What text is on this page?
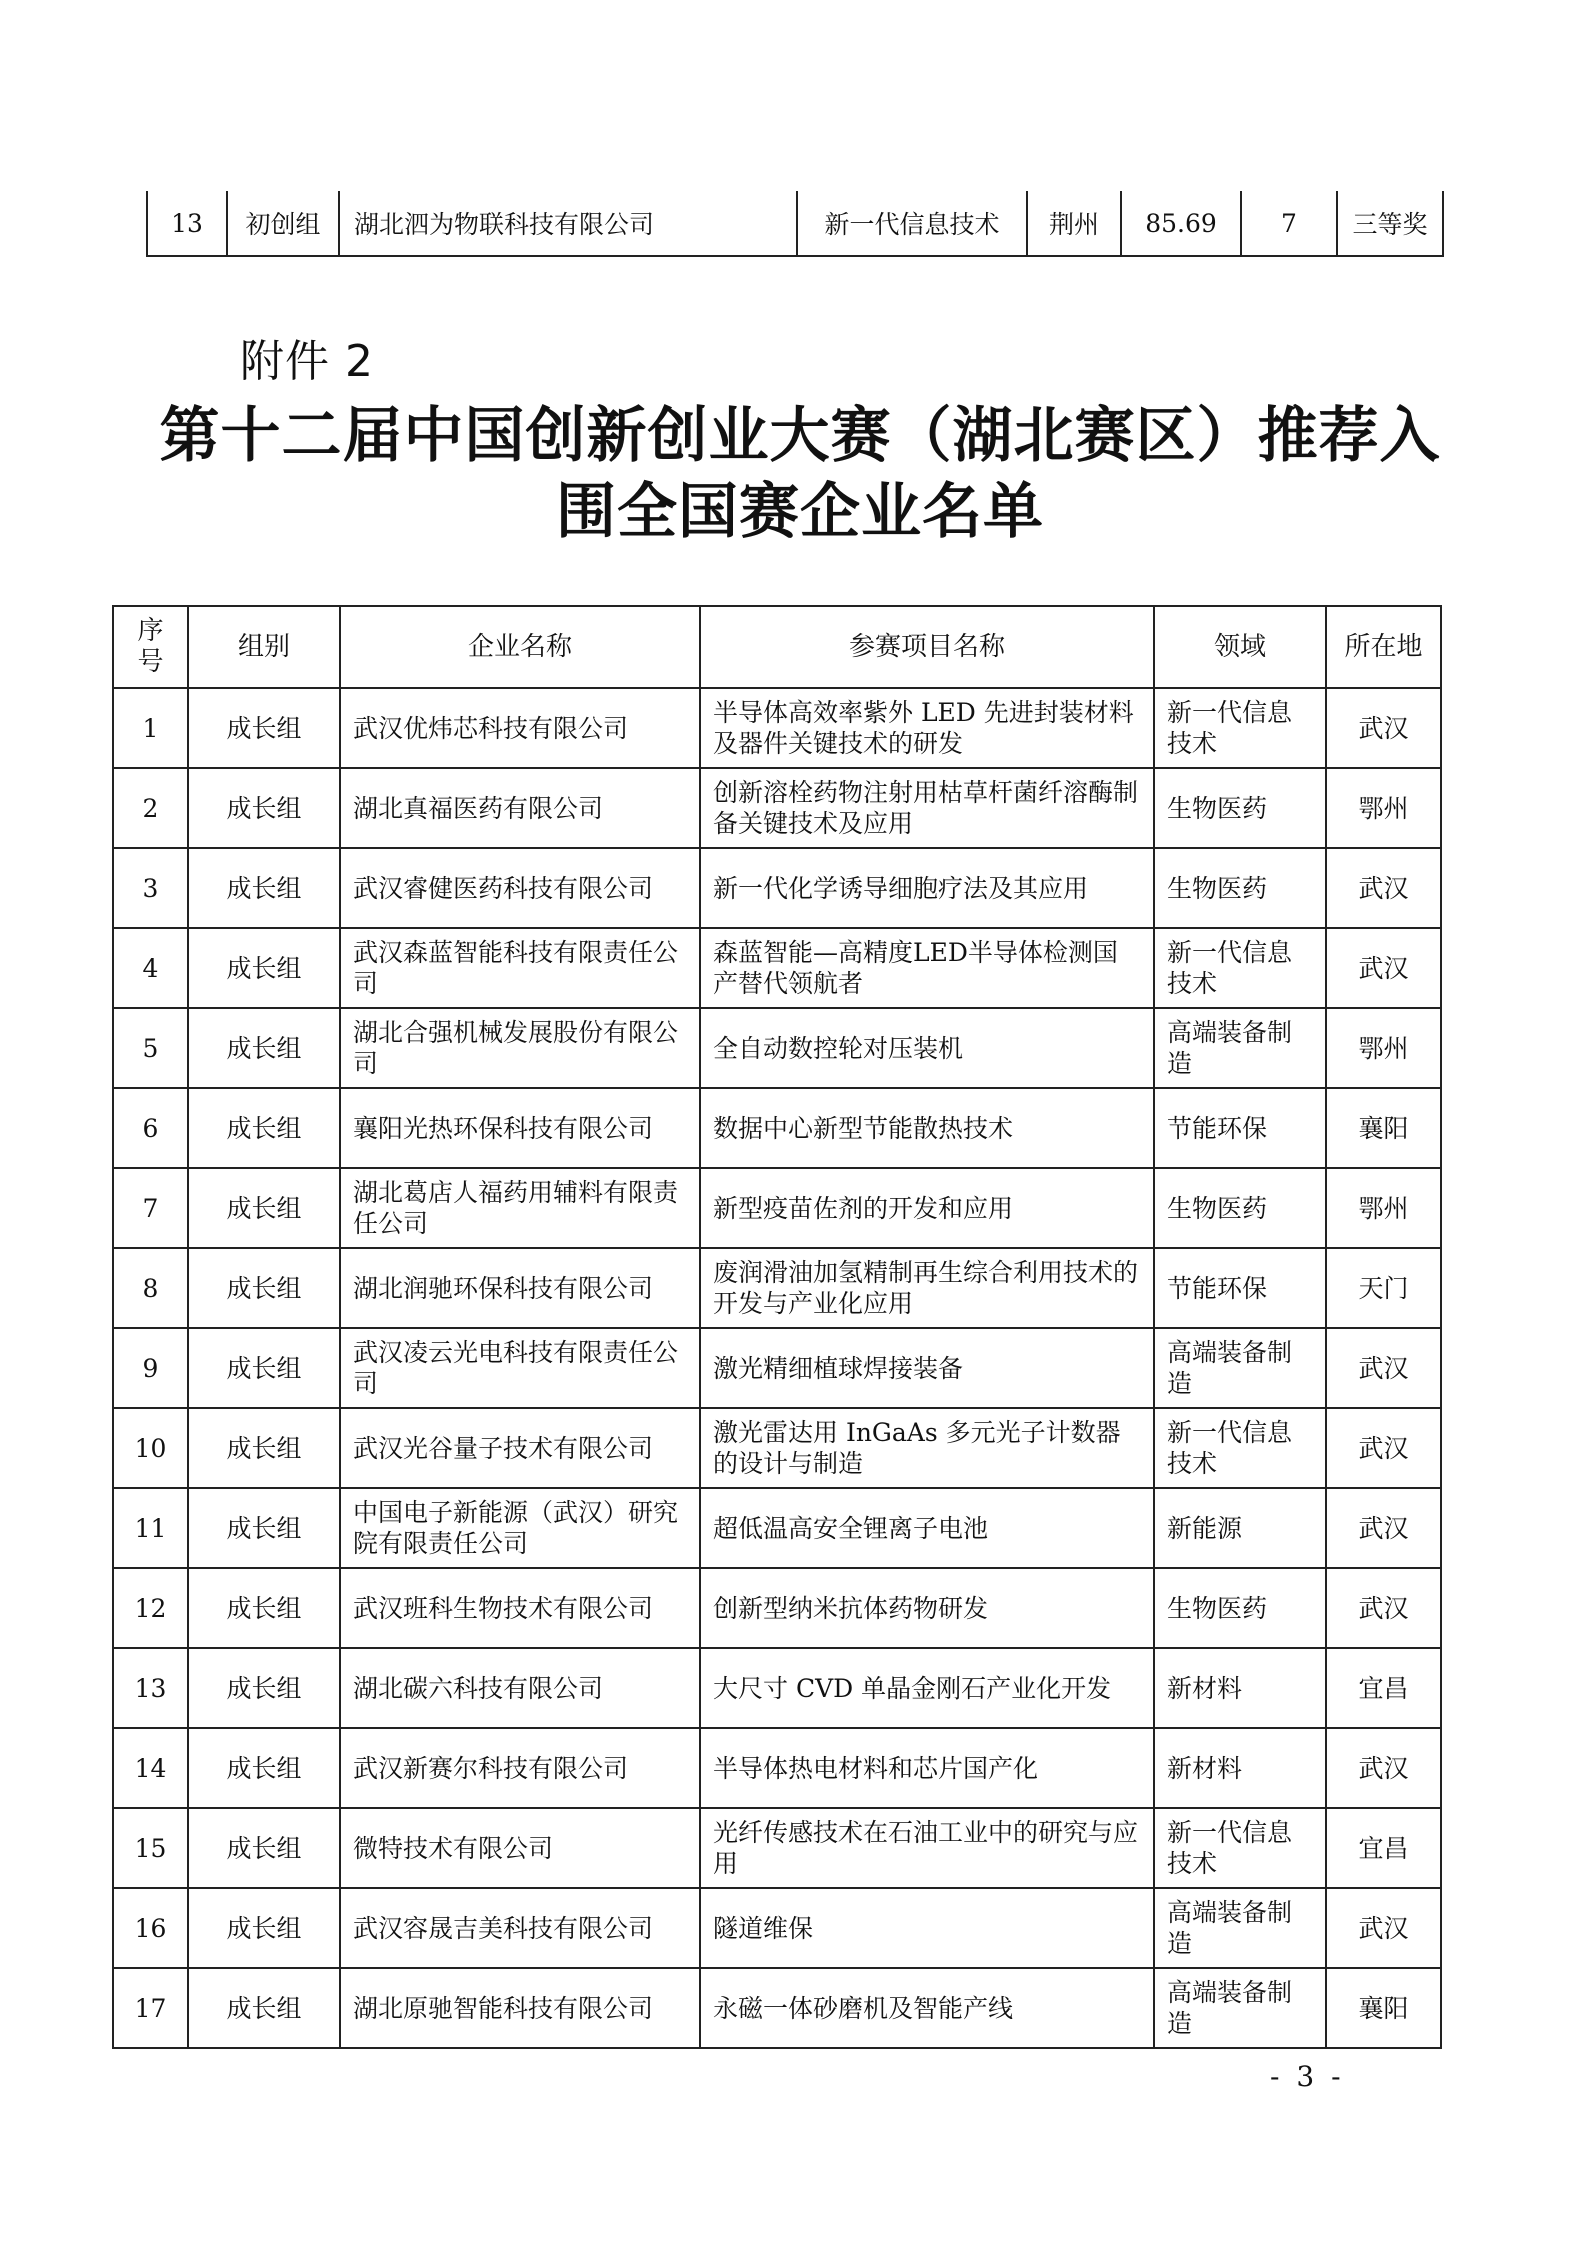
13	初创组	湖北泗为物联科技有限公司	新一代信息技术	荆州	85.69	7	三等奖
附件 2
第十二届中国创新创业大赛（湖北赛区）推荐入围全国赛企业名单
序号	组别	企业名称	参赛项目名称	领域	所在地
1	成长组	武汉优炜芯科技有限公司	半导体高效率紫外 LED 先进封装材料及器件关键技术的研发	新一代信息技术	武汉
2	成长组	湖北真福医药有限公司	创新溶栓药物注射用枯草杆菌纤溶酶制备关键技术及应用	生物医药	鄂州
3	成长组	武汉睿健医药科技有限公司	新一代化学诱导细胞疗法及其应用	生物医药	武汉
4	成长组	武汉森蓝智能科技有限责任公司	森蓝智能—高精度LED半导体检测国产替代领航者	新一代信息技术	武汉
5	成长组	湖北合强机械发展股份有限公司	全自动数控轮对压装机	高端装备制造	鄂州
6	成长组	襄阳光热环保科技有限公司	数据中心新型节能散热技术	节能环保	襄阳
7	成长组	湖北葛店人福药用辅料有限责任公司	新型疫苗佐剂的开发和应用	生物医药	鄂州
8	成长组	湖北润驰环保科技有限公司	废润滑油加氢精制再生综合利用技术的开发与产业化应用	节能环保	天门
9	成长组	武汉凌云光电科技有限责任公司	激光精细植球焊接装备	高端装备制造	武汉
10	成长组	武汉光谷量子技术有限公司	激光雷达用 InGaAs 多元光子计数器的设计与制造	新一代信息技术	武汉
11	成长组	中国电子新能源（武汉）研究院有限责任公司	超低温高安全锂离子电池	新能源	武汉
12	成长组	武汉班科生物技术有限公司	创新型纳米抗体药物研发	生物医药	武汉
13	成长组	湖北碳六科技有限公司	大尺寸 CVD 单晶金刚石产业化开发	新材料	宜昌
14	成长组	武汉新赛尔科技有限公司	半导体热电材料和芯片国产化	新材料	武汉
15	成长组	微特技术有限公司	光纤传感技术在石油工业中的研究与应用	新一代信息技术	宜昌
16	成长组	武汉容晟吉美科技有限公司	隧道维保	高端装备制造	武汉
17	成长组	湖北原驰智能科技有限公司	永磁一体砂磨机及智能产线	高端装备制造	襄阳
- 3 -
